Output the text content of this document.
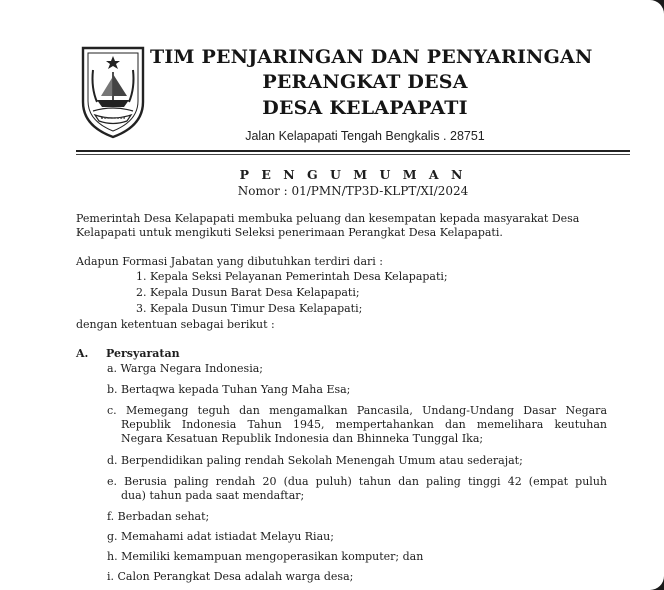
TIM PENJARINGAN DAN PENYARINGAN
PERANGKAT DESA
DESA KELAPAPATI
Jalan Kelapapati Tengah Bengkalis . 28751
P E N G U M U M A N
Nomor : 01/PMN/TP3D-KLPT/XI/2024
Pemerintah Desa Kelapapati membuka peluang dan kesempatan kepada masyarakat Desa
Kelapapati untuk mengikuti Seleksi penerimaan Perangkat Desa Kelapapati.
Adapun Formasi Jabatan yang dibutuhkan terdiri dari :
1. Kepala Seksi Pelayanan Pemerintah Desa Kelapapati;
2. Kepala Dusun Barat Desa Kelapapati;
3. Kepala Dusun Timur Desa Kelapapati;
dengan ketentuan sebagai berikut :
A. Persyaratan
a. Warga Negara Indonesia;
b. Bertaqwa kepada Tuhan Yang Maha Esa;
c. Memegang teguh dan mengamalkan Pancasila, Undang-Undang Dasar Negara
Republik Indonesia Tahun 1945, mempertahankan dan memelihara keutuhan
Negara Kesatuan Republik Indonesia dan Bhinneka Tunggal Ika;
d. Berpendidikan paling rendah Sekolah Menengah Umum atau sederajat;
e. Berusia paling rendah 20 (dua puluh) tahun dan paling tinggi 42 (empat puluh
dua) tahun pada saat mendaftar;
f. Berbadan sehat;
g. Memahami adat istiadat Melayu Riau;
h. Memiliki kemampuan mengoperasikan komputer; dan
i. Calon Perangkat Desa adalah warga desa;
